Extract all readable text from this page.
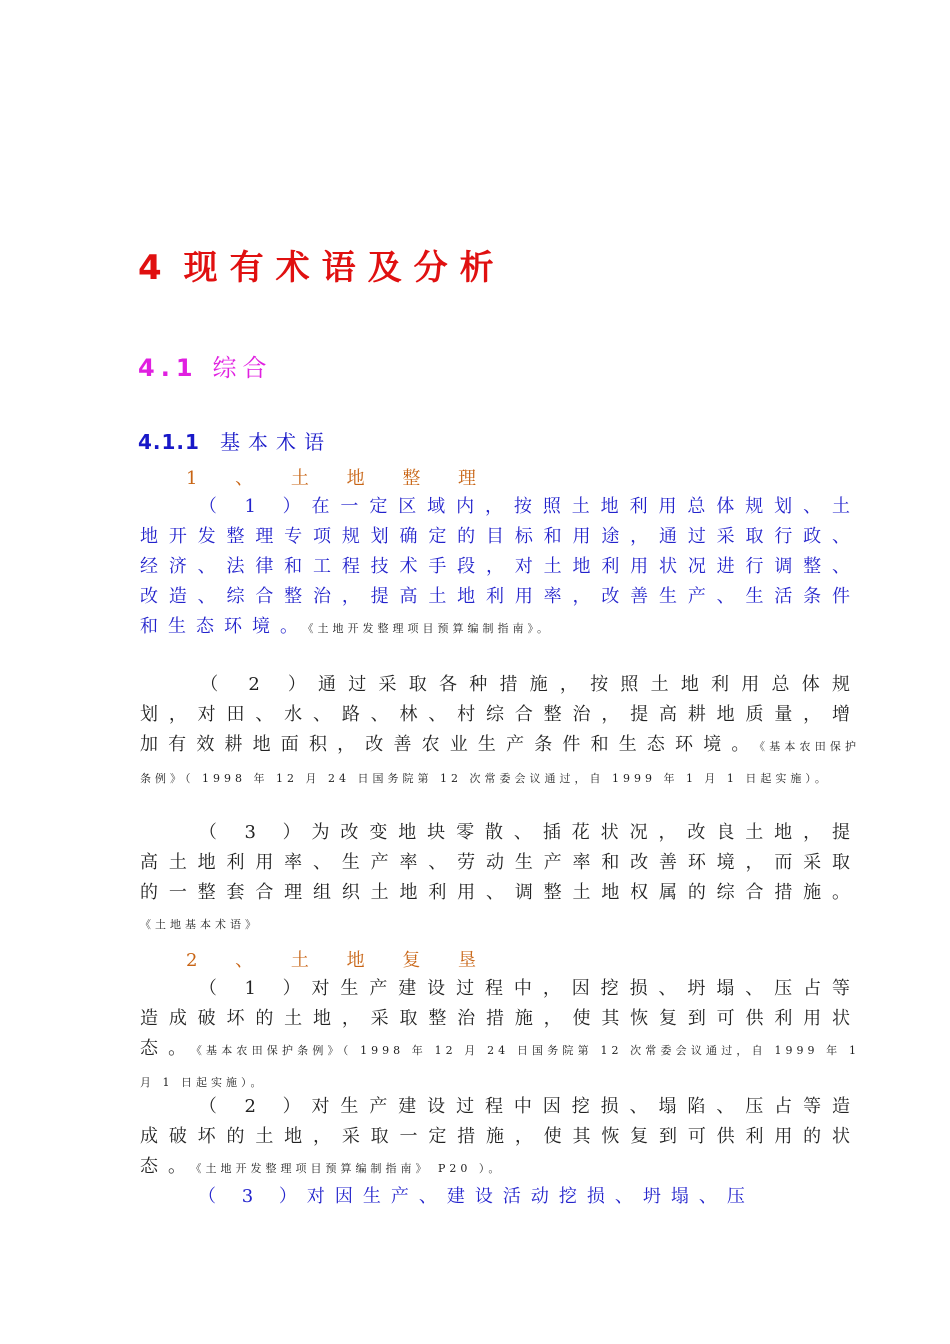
4 现有术语及分析
4.1 综合
4.1.1 基本术语
1 、 土 地 整 理
（ 1 ）在一定区域内，按照土地利用总体规划、土地开发整理专项规划确定的目标和用途，通过采取行政、经济、法律和工程技术手段，对土地利用状况进行调整、改造、综合整治，提高土地利用率，改善生产、生活条件和生态环境。《土地开发整理项目预算编制指南》。
（ 2 ）通过采取各种措施，按照土地利用总体规划，对田、水、路、林、村综合整治，提高耕地质量，增加有效耕地面积，改善农业生产条件和生态环境。《基本农田保护条例》（ 1998 年 12 月 24 日国务院第 12 次常委会议通过，自 1999 年 1 月 1 日起实施）。
（ 3 ）为改变地块零散、插花状况，改良土地，提高土地利用率、生产率、劳动生产率和改善环境，而采取的一整套合理组织土地利用、调整土地权属的综合措施。《土地基本术语》
2 、 土 地 复 垦
（ 1 ）对生产建设过程中，因挖损、坍塌、压占等造成破坏的土地，采取整治措施，使其恢复到可供利用状态。《基本农田保护条例》（ 1998 年 12 月 24 日国务院第 12 次常委会议通过，自 1999 年 1 月 1 日起实施）。
（ 2 ）对生产建设过程中因挖损、塌陷、压占等造成破坏的土地，采取一定措施，使其恢复到可供利用的状态。《土地开发整理项目预算编制指南》 P20 ）。
（ 3 ）对因生产、建设活动挖损、坍塌、压
